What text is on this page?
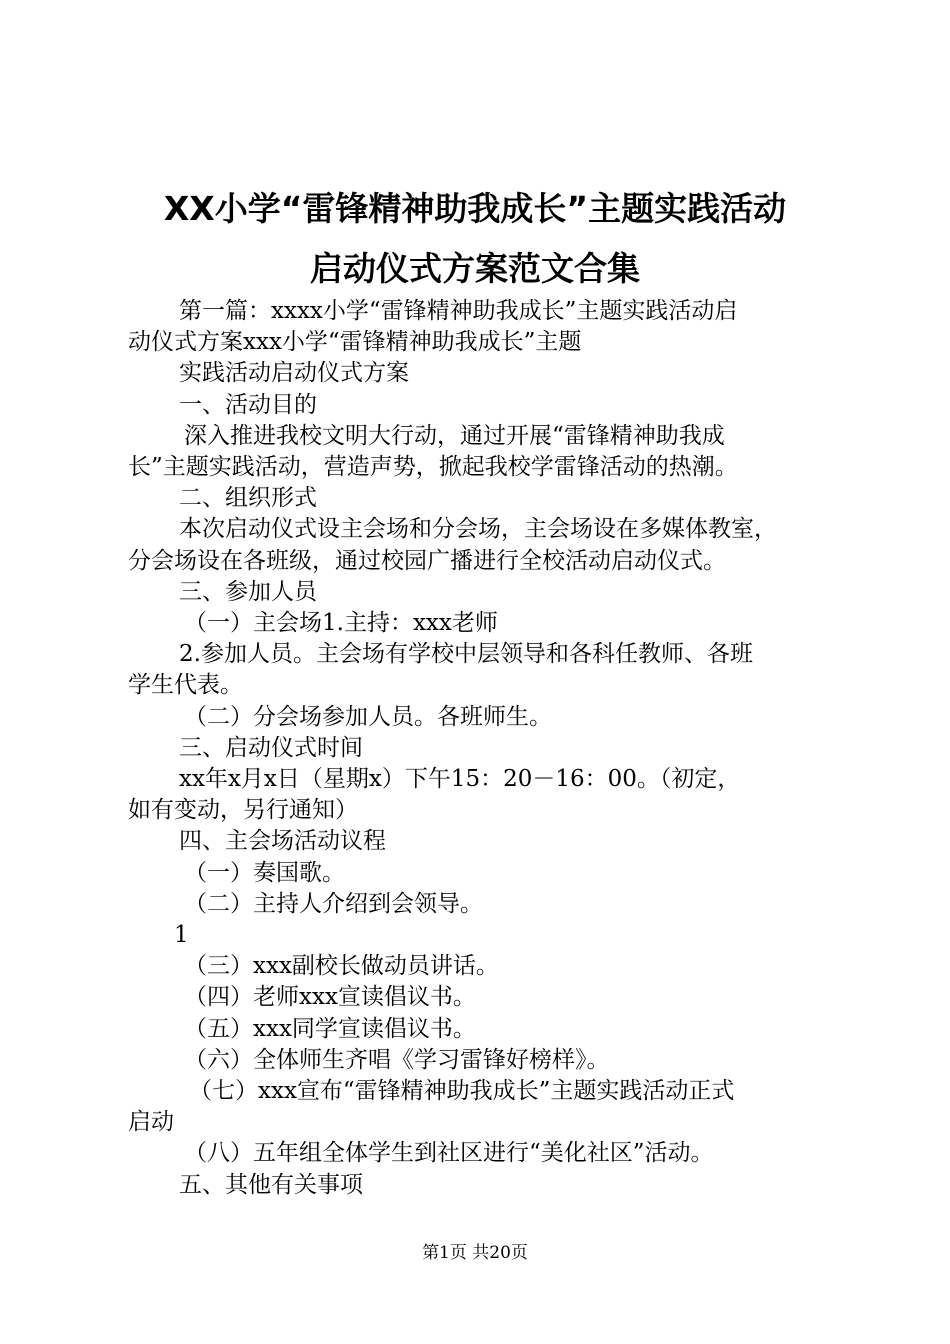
XX小学“雷锋精神助我成长”主题实践活动
启动仪式方案范文合集

第一篇：xxxx小学“雷锋精神助我成长”主题实践活动启

动仪式方案xxx小学“雷锋精神助我成长”主题

实践活动启动仪式方案

一、活动目的

深入推进我校文明大行动，通过开展“雷锋精神助我成

长”主题实践活动，营造声势，掀起我校学雷锋活动的热潮。

二、组织形式

本次启动仪式设主会场和分会场，主会场设在多媒体教室，

分会场设在各班级，通过校园广播进行全校活动启动仪式。

三、参加人员

（一）主会场1.主持：xxx老师

2.参加人员。主会场有学校中层领导和各科任教师、各班

学生代表。

（二）分会场参加人员。各班师生。

三、启动仪式时间

xx年x月x日（星期x）下午15：20－16：00。（初定，

如有变动，另行通知）

四、主会场活动议程

（一）奏国歌。

（二）主持人介绍到会领导。

1

（三）xxx副校长做动员讲话。

（四）老师xxx宣读倡议书。

（五）xxx同学宣读倡议书。

（六）全体师生齐唱《学习雷锋好榜样》。

（七）xxx宣布“雷锋精神助我成长”主题实践活动正式

启动

（八）五年组全体学生到社区进行“美化社区”活动。

五、其他有关事项

第1页 共20页
